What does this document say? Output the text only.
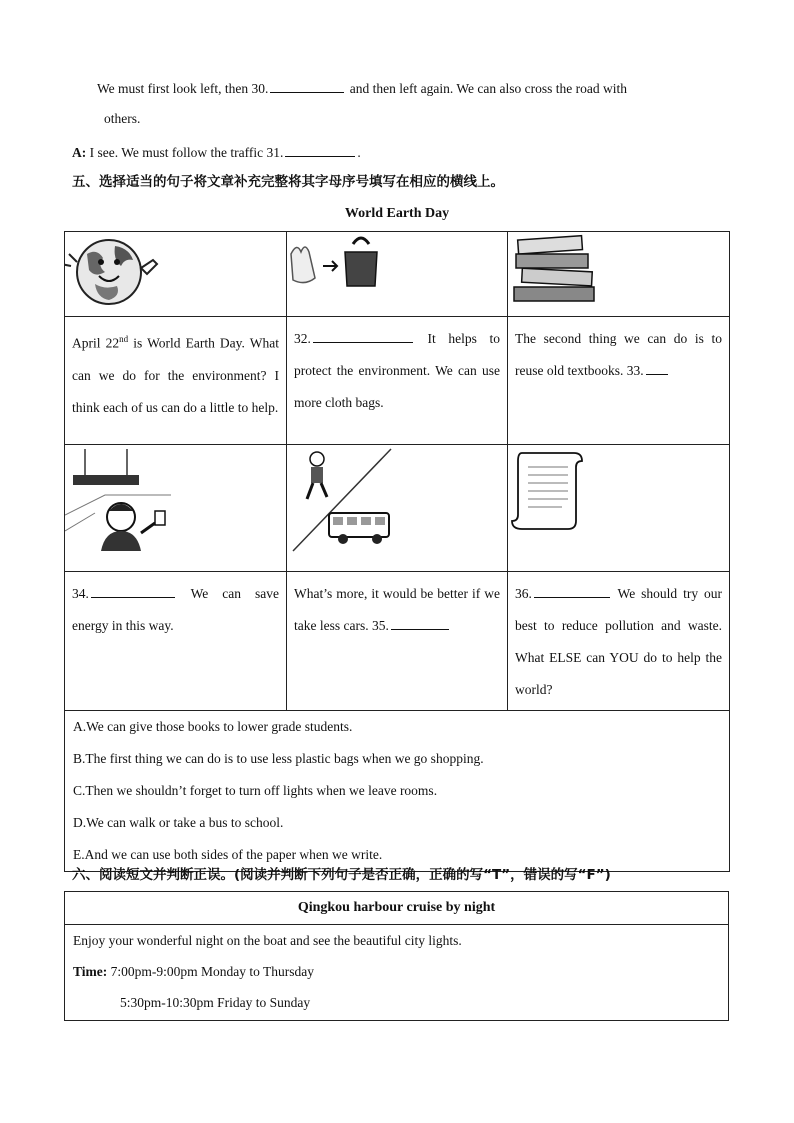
We must first look left, then 30.	and then left again. We can also cross the road with
others.
A: I see. We must follow the traffic 31.	.
五、选择适当的句子将文章补充完整将其字母序号填写在相应的横线上。
World Earth Day

April 22nd is World Earth Day. What can we do for the environment? I think each of us can do a little to help.	32. It helps to protect the environment. We can use more cloth bags.	The second thing we can do is to reuse old textbooks. 33.

34. We can save energy in this way.	What’s more, it would be better if we take less cars. 35.	36. We should try our best to reduce pollution and waste. What ELSE can YOU do to help the world?

A.We can give those books to lower grade students.
B.The first thing we can do is to use less plastic bags when we go shopping.
C.Then we shouldn’t forget to turn off lights when we leave rooms.
D.We can walk or take a bus to school.
E.And we can use both sides of the paper when we write.		
六、阅读短文并判断正误。(阅读并判断下列句子是否正确，正确的写“T”，错误的写“F”)
Qingkou harbour cruise by night

Enjoy your wonderful night on the boat and see the beautiful city lights.
Time: 7:00pm-9:00pm Monday to Thursday
5:30pm-10:30pm Friday to Sunday
